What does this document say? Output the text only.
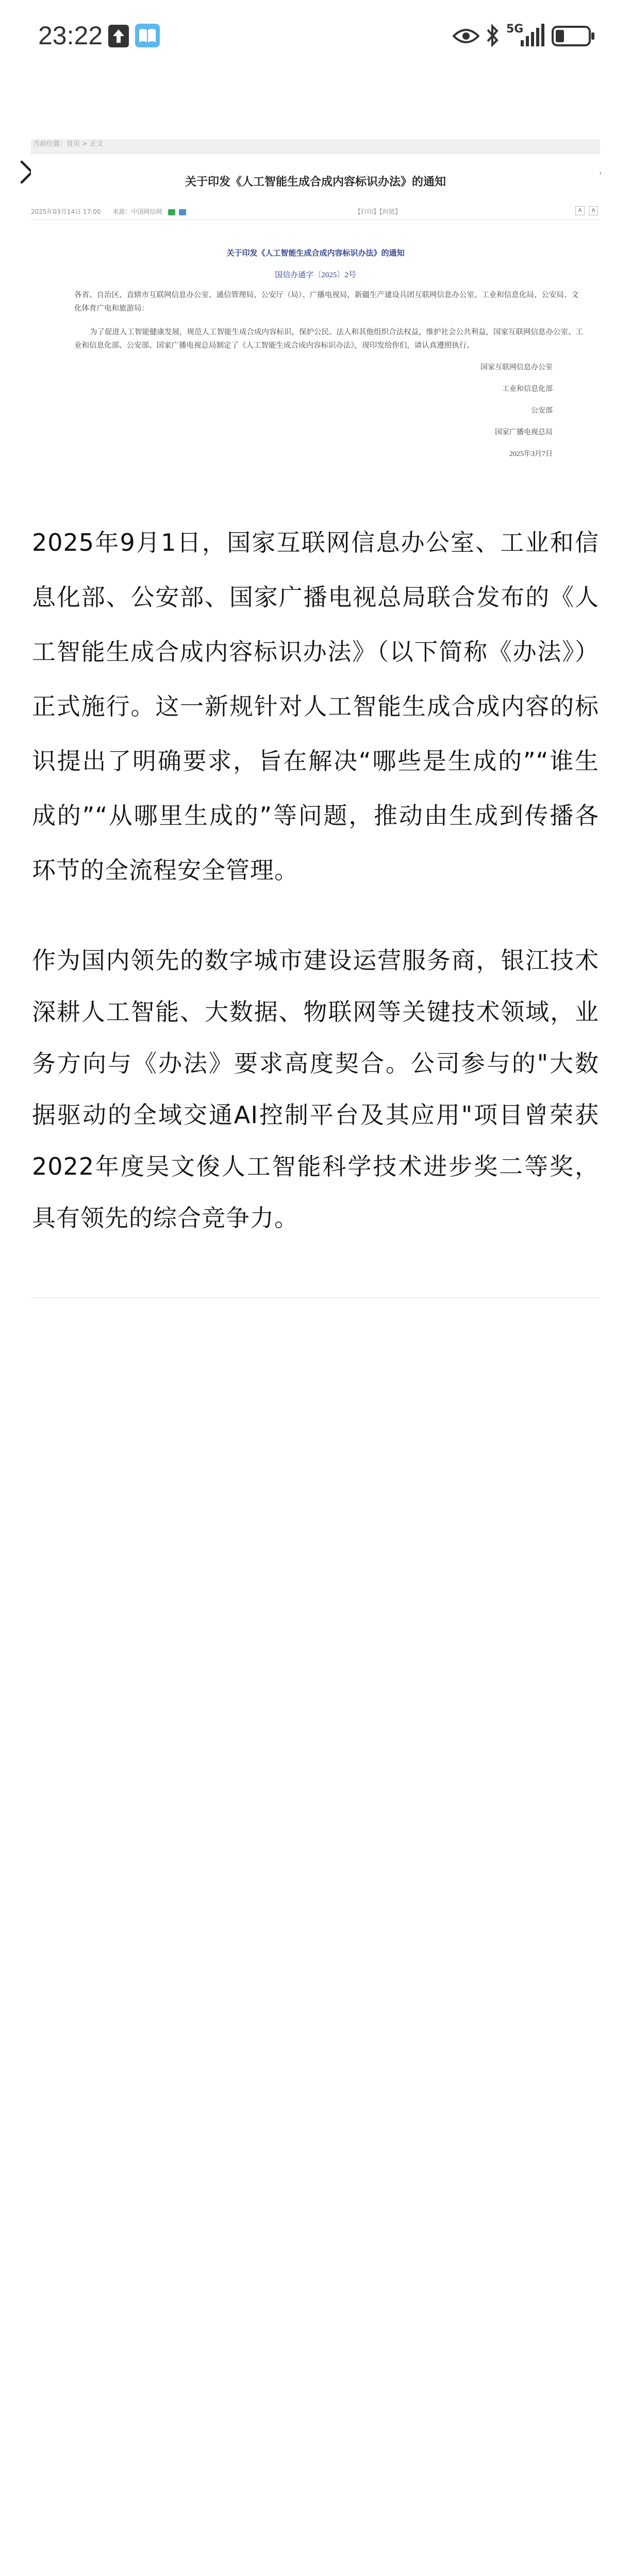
23:22	5G
当前位置：首页 > 正文
关于印发《人工智能生成合成内容标识办法》的通知
2025年03月14日 17:00 来源：中国网信网	【打印】【纠错】	A A
关于印发《人工智能生成合成内容标识办法》的通知
国信办通字〔2025〕2号
各省、自治区、直辖市互联网信息办公室、通信管理局、公安厅（局）、广播电视局，新疆生产建设兵团互联网信息办公室、工业和信息化局、公安局、文化体育广电和旅游局：
为了促进人工智能健康发展，规范人工智能生成合成内容标识，保护公民、法人和其他组织合法权益，维护社会公共利益，国家互联网信息办公室、工业和信息化部、公安部、国家广播电视总局制定了《人工智能生成合成内容标识办法》，现印发给你们，请认真遵照执行。
国家互联网信息办公室
工业和信息化部
公安部
国家广播电视总局
2025年3月7日
2025年9月1日，国家互联网信息办公室、工业和信息化部、公安部、国家广播电视总局联合发布的《人工智能生成合成内容标识办法》（以下简称《办法》）正式施行。这一新规针对人工智能生成合成内容的标识提出了明确要求，旨在解决“哪些是生成的”“谁生成的”“从哪里生成的”等问题，推动由生成到传播各环节的全流程安全管理。
作为国内领先的数字城市建设运营服务商，银江技术深耕人工智能、大数据、物联网等关键技术领域，业务方向与《办法》要求高度契合。公司参与的"大数据驱动的全域交通AI控制平台及其应用"项目曾荣获2022年度吴文俊人工智能科学技术进步奖二等奖，具有领先的综合竞争力。
